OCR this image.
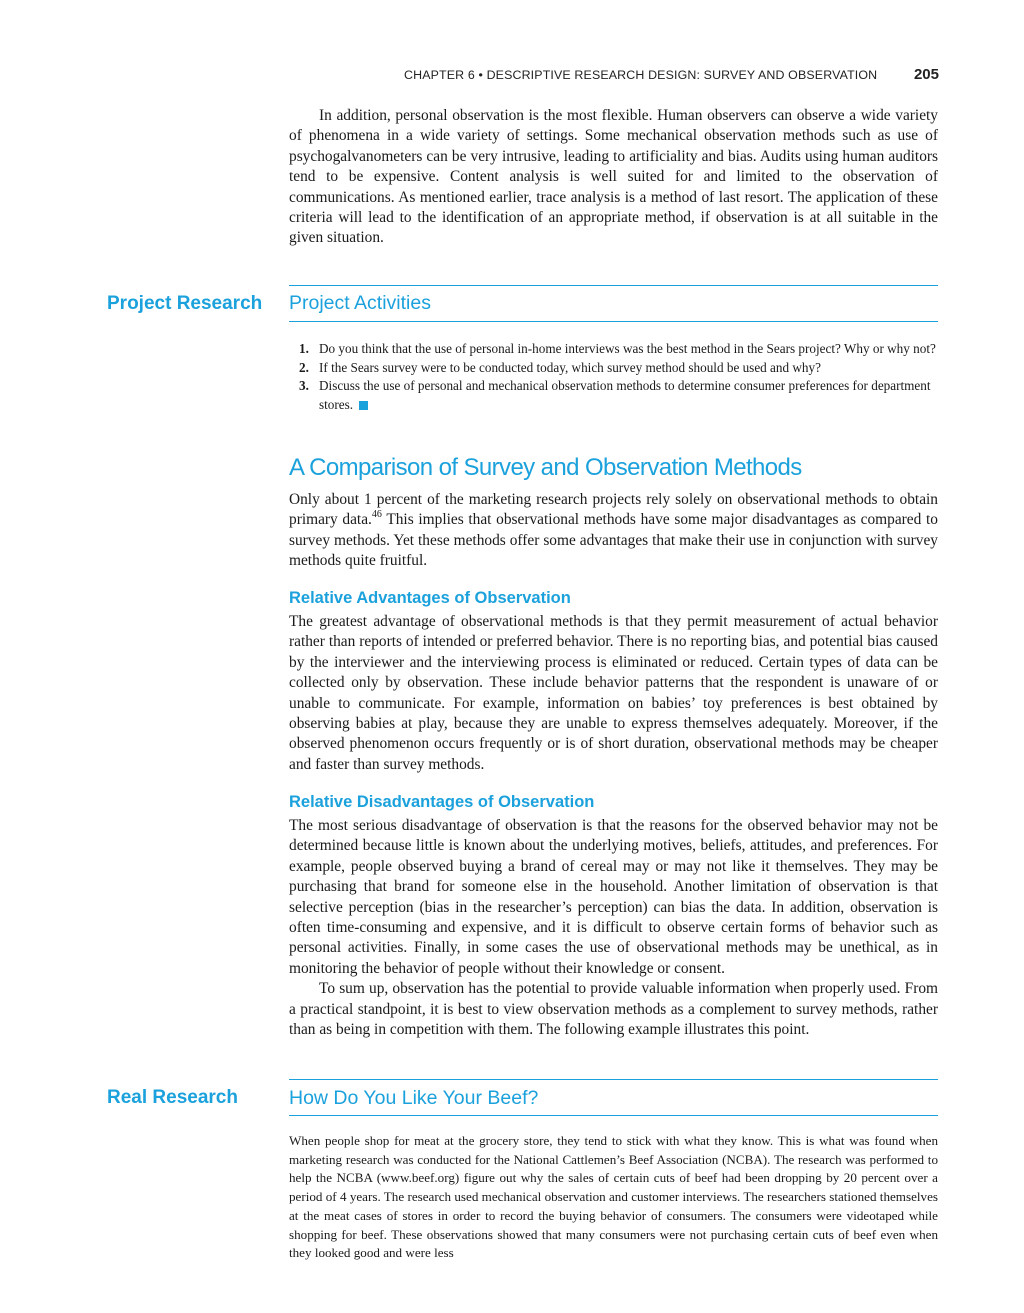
CHAPTER 6 • DESCRIPTIVE RESEARCH DESIGN: SURVEY AND OBSERVATION 205

In addition, personal observation is the most flexible. Human observers can observe a wide variety of phenomena in a wide variety of settings. Some mechanical observation methods such as use of psychogalvanometers can be very intrusive, leading to artificiality and bias. Audits using human auditors tend to be expensive. Content analysis is well suited for and limited to the observation of communications. As mentioned earlier, trace analysis is a method of last resort. The application of these criteria will lead to the identification of an appropriate method, if observation is at all suitable in the given situation.

Project Research Project Activities
1. Do you think that the use of personal in-home interviews was the best method in the Sears project? Why or why not?
2. If the Sears survey were to be conducted today, which survey method should be used and why?
3. Discuss the use of personal and mechanical observation methods to determine consumer preferences for department stores.
A Comparison of Survey and Observation Methods

Only about 1 percent of the marketing research projects rely solely on observational methods to obtain primary data.$^{46}$ This implies that observational methods have some major disadvantages as compared to survey methods. Yet these methods offer some advantages that make their use in conjunction with survey methods quite fruitful.

Relative Advantages of Observation

The greatest advantage of observational methods is that they permit measurement of actual behavior rather than reports of intended or preferred behavior. There is no reporting bias, and potential bias caused by the interviewer and the interviewing process is eliminated or reduced. Certain types of data can be collected only by observation. These include behavior patterns that the respondent is unaware of or unable to communicate. For example, information on babies’ toy preferences is best obtained by observing babies at play, because they are unable to express themselves adequately. Moreover, if the observed phenomenon occurs frequently or is of short duration, observational methods may be cheaper and faster than survey methods.

Relative Disadvantages of Observation

The most serious disadvantage of observation is that the reasons for the observed behavior may not be determined because little is known about the underlying motives, beliefs, attitudes, and preferences. For example, people observed buying a brand of cereal may or may not like it themselves. They may be purchasing that brand for someone else in the household. Another limitation of observation is that selective perception (bias in the researcher’s perception) can bias the data. In addition, observation is often time-consuming and expensive, and it is difficult to observe certain forms of behavior such as personal activities. Finally, in some cases the use of observational methods may be unethical, as in monitoring the behavior of people without their knowledge or consent.

To sum up, observation has the potential to provide valuable information when properly used. From a practical standpoint, it is best to view observation methods as a complement to survey methods, rather than as being in competition with them. The following example illustrates this point.

Real Research	How Do You Like Your Beef?

When people shop for meat at the grocery store, they tend to stick with what they know. This is what was found when marketing research was conducted for the National Cattlemen’s Beef Association (NCBA). The research was performed to help the NCBA (www.beef.org) figure out why the sales of certain cuts of beef had been dropping by 20 percent over a period of 4 years. The research used mechanical observation and customer interviews. The researchers stationed themselves at the meat cases of stores in order to record the buying behavior of consumers. The consumers were videotaped while shopping for beef. These observations showed that many consumers were not purchasing certain cuts of beef even when they looked good and were less
